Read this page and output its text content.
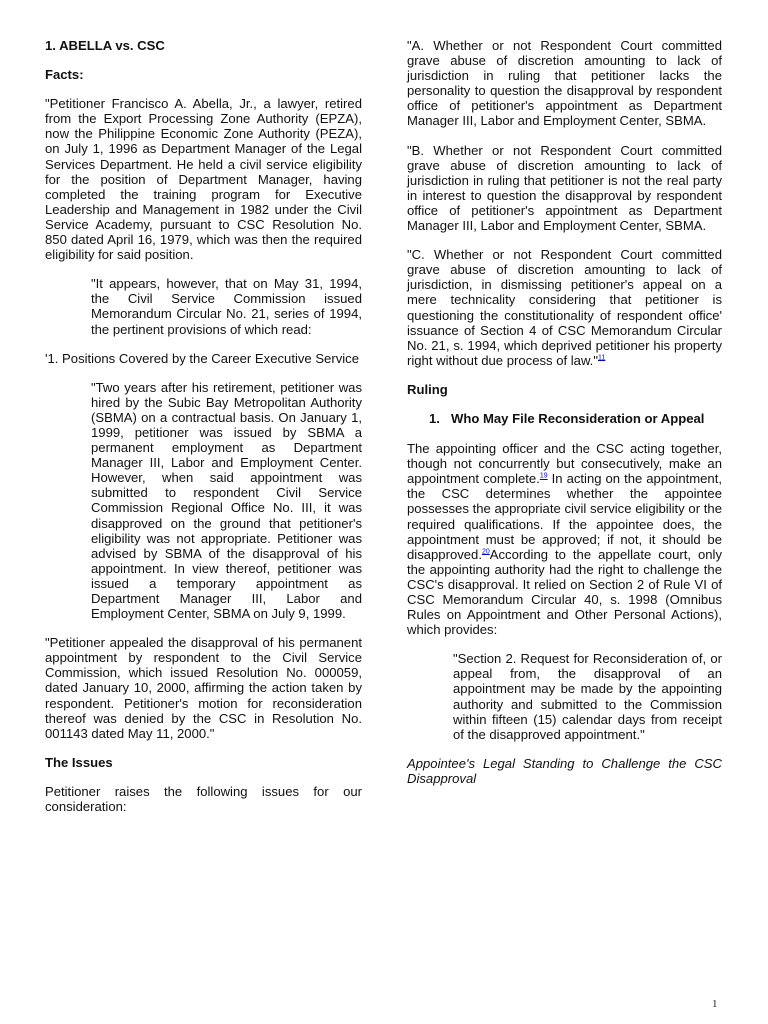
1. ABELLA vs. CSC

Facts:

"Petitioner Francisco A. Abella, Jr., a lawyer, retired from the Export Processing Zone Authority (EPZA), now the Philippine Economic Zone Authority (PEZA), on July 1, 1996 as Department Manager of the Legal Services Department. He held a civil service eligibility for the position of Department Manager, having completed the training program for Executive Leadership and Management in 1982 under the Civil Service Academy, pursuant to CSC Resolution No. 850 dated April 16, 1979, which was then the required eligibility for said position.

"It appears, however, that on May 31, 1994, the Civil Service Commission issued Memorandum Circular No. 21, series of 1994, the pertinent provisions of which read:

'1. Positions Covered by the Career Executive Service

"Two years after his retirement, petitioner was hired by the Subic Bay Metropolitan Authority (SBMA) on a contractual basis. On January 1, 1999, petitioner was issued by SBMA a permanent employment as Department Manager III, Labor and Employment Center. However, when said appointment was submitted to respondent Civil Service Commission Regional Office No. III, it was disapproved on the ground that petitioner's eligibility was not appropriate. Petitioner was advised by SBMA of the disapproval of his appointment. In view thereof, petitioner was issued a temporary appointment as Department Manager III, Labor and Employment Center, SBMA on July 9, 1999.

"Petitioner appealed the disapproval of his permanent appointment by respondent to the Civil Service Commission, which issued Resolution No. 000059, dated January 10, 2000, affirming the action taken by respondent. Petitioner's motion for reconsideration thereof was denied by the CSC in Resolution No. 001143 dated May 11, 2000."

The Issues

Petitioner raises the following issues for our consideration:

"A. Whether or not Respondent Court committed grave abuse of discretion amounting to lack of jurisdiction in ruling that petitioner lacks the personality to question the disapproval by respondent office of petitioner's appointment as Department Manager III, Labor and Employment Center, SBMA.

"B. Whether or not Respondent Court committed grave abuse of discretion amounting to lack of jurisdiction in ruling that petitioner is not the real party in interest to question the disapproval by respondent office of petitioner's appointment as Department Manager III, Labor and Employment Center, SBMA.

"C. Whether or not Respondent Court committed grave abuse of discretion amounting to lack of jurisdiction, in dismissing petitioner's appeal on a mere technicality considering that petitioner is questioning the constitutionality of respondent office' issuance of Section 4 of CSC Memorandum Circular No. 21, s. 1994, which deprived petitioner his property right without due process of law."$^{11}$

Ruling

1. Who May File Reconsideration or Appeal

The appointing officer and the CSC acting together, though not concurrently but consecutively, make an appointment complete.$^{19}$ In acting on the appointment, the CSC determines whether the appointee possesses the appropriate civil service eligibility or the required qualifications. If the appointee does, the appointment must be approved; if not, it should be disapproved.$^{20}$According to the appellate court, only the appointing authority had the right to challenge the CSC's disapproval. It relied on Section 2 of Rule VI of CSC Memorandum Circular 40, s. 1998 (Omnibus Rules on Appointment and Other Personal Actions), which provides:

"Section 2. Request for Reconsideration of, or appeal from, the disapproval of an appointment may be made by the appointing authority and submitted to the Commission within fifteen (15) calendar days from receipt of the disapproved appointment."

Appointee's Legal Standing to Challenge the CSC Disapproval

1
